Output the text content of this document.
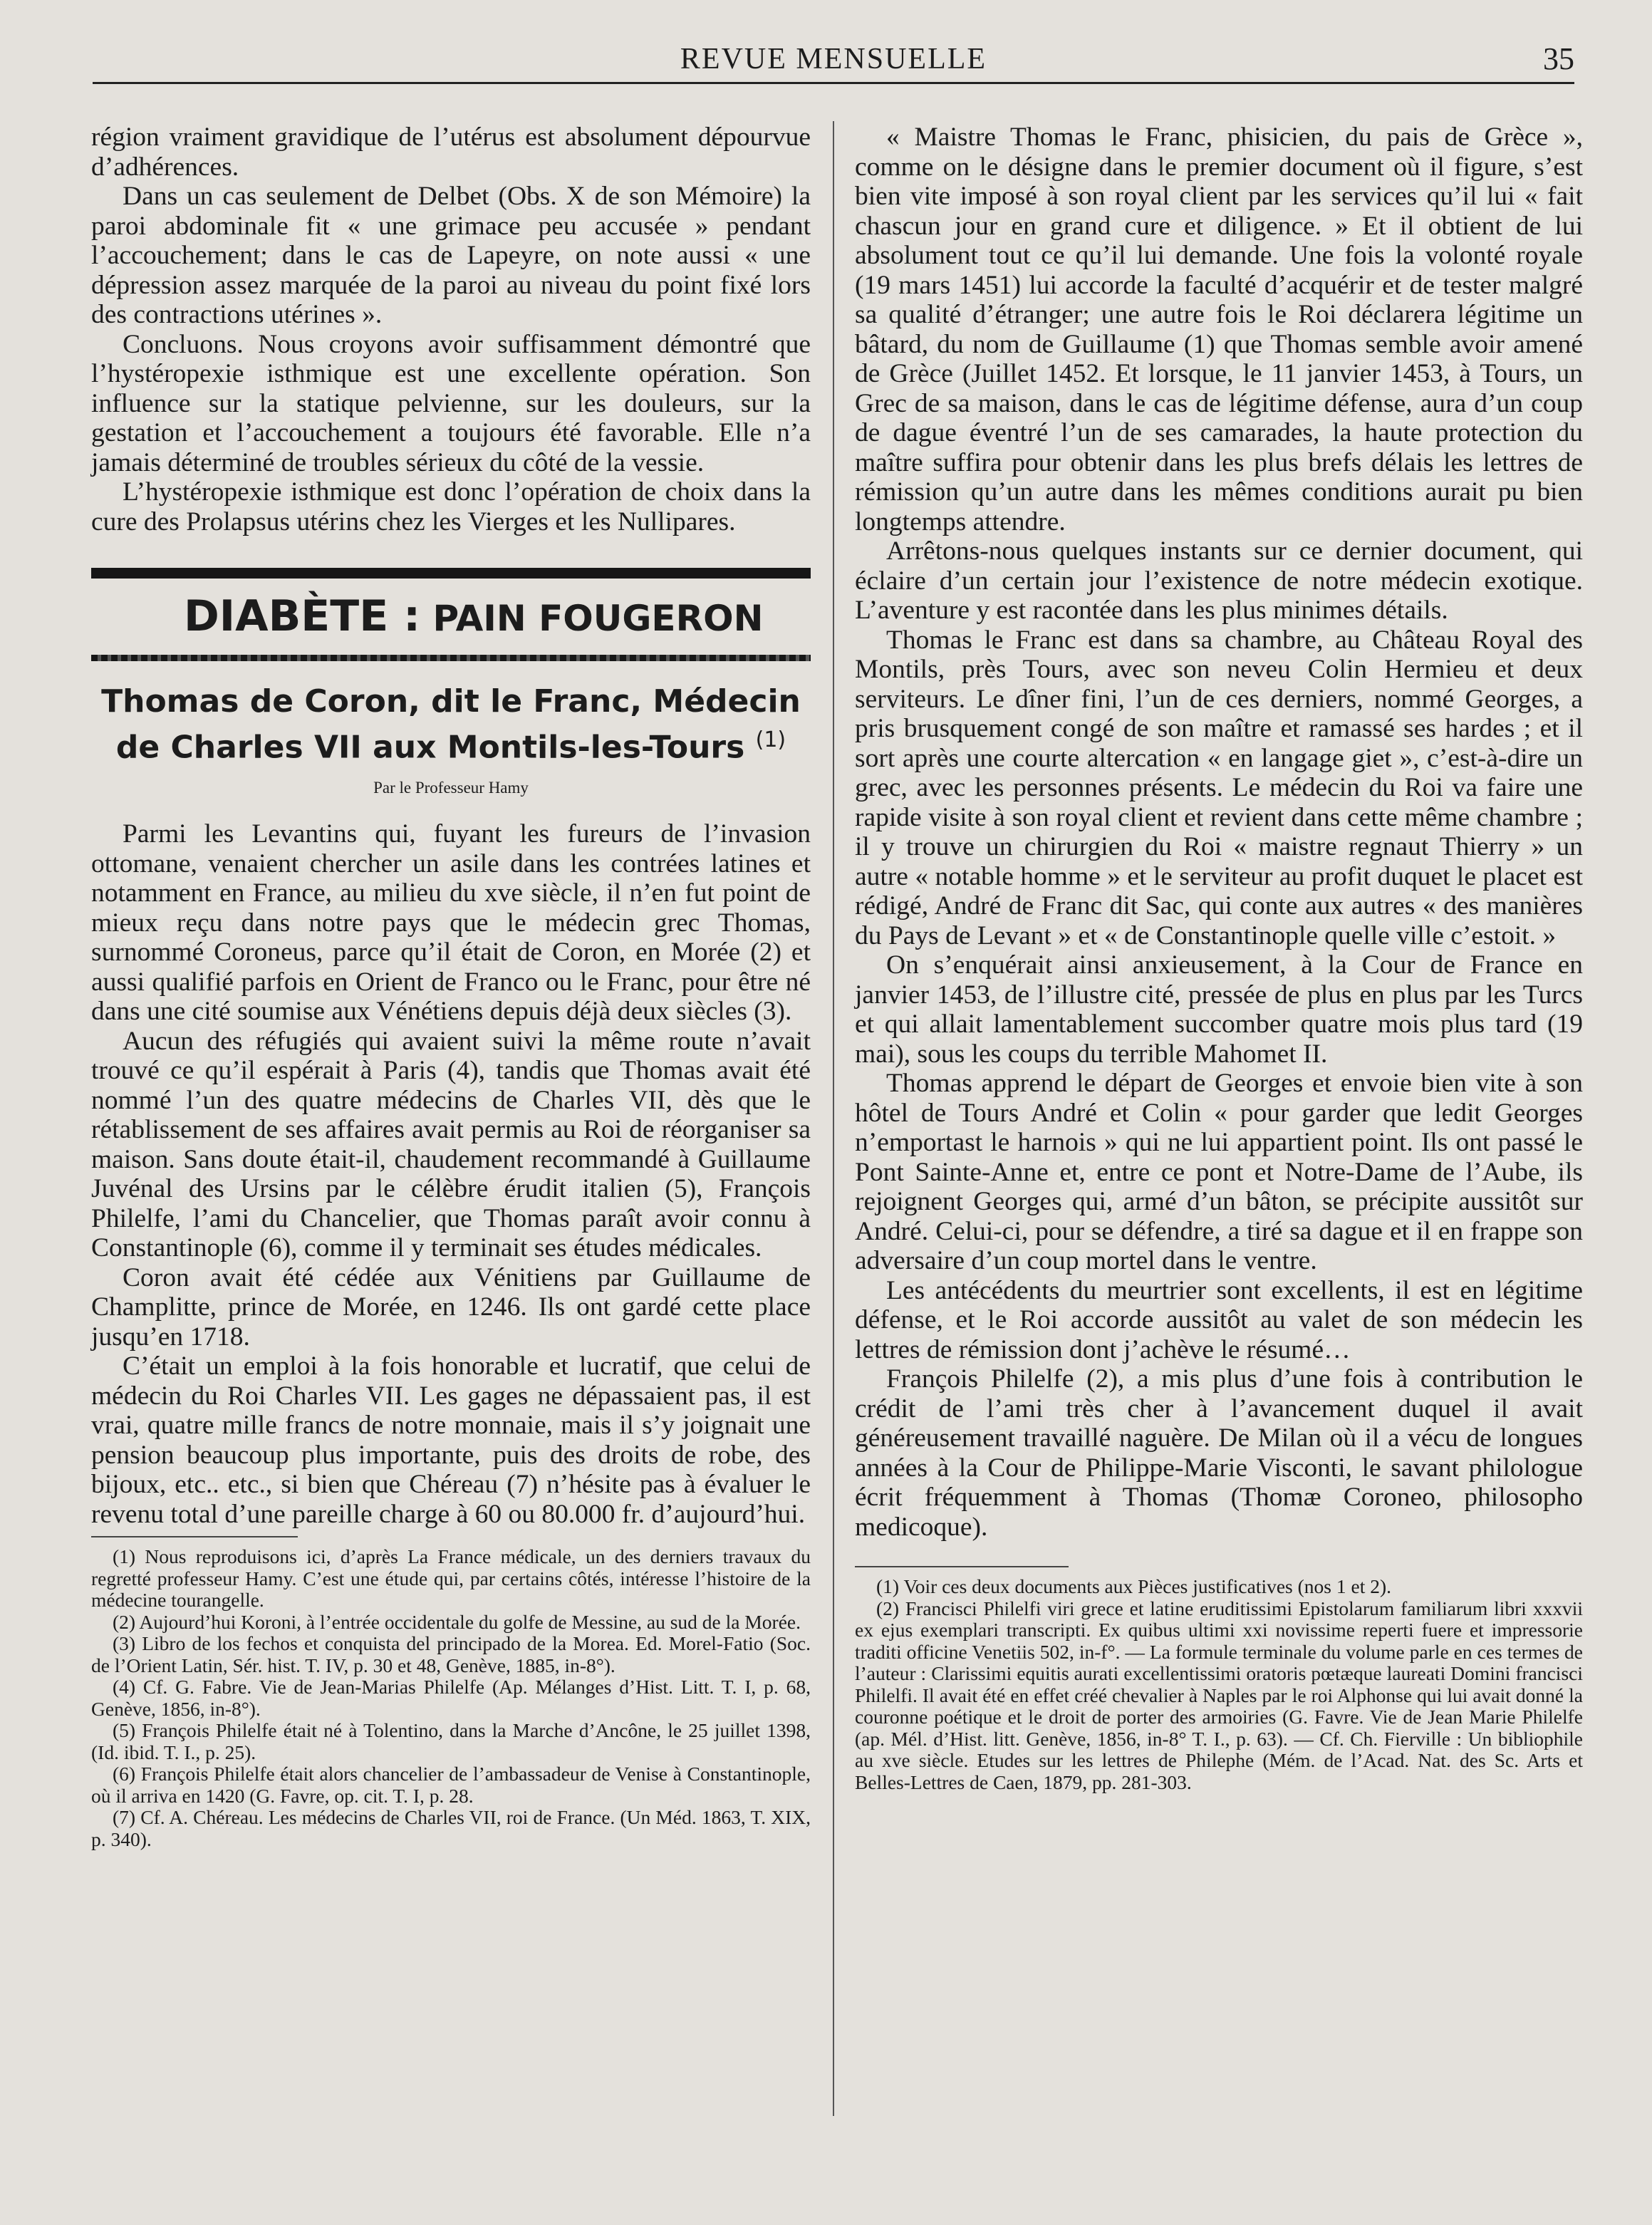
REVUE MENSUELLE	35

région vraiment gravidique de l’utérus est absolument dépourvue d’adhérences.

Dans un cas seulement de Delbet (Obs. X de son Mémoire) la paroi abdominale fit « une grimace peu accusée » pendant l’accouchement; dans le cas de Lapeyre, on note aussi « une dépression assez marquée de la paroi au niveau du point fixé lors des contractions utérines ».

Concluons. Nous croyons avoir suffisamment démontré que l’hystéropexie isthmique est une excellente opération. Son influence sur la statique pelvienne, sur les douleurs, sur la gestation et l’accouchement a toujours été favorable. Elle n’a jamais déterminé de troubles sérieux du côté de la vessie.

L’hystéropexie isthmique est donc l’opération de choix dans la cure des Prolapsus utérins chez les Vierges et les Nullipares.

DIABÈTE : PAIN FOUGERON
Thomas de Coron, dit le Franc, Médecin
de Charles VII aux Montils-les-Tours $^{(1)}$
Par le Professeur Hamy

Parmi les Levantins qui, fuyant les fureurs de l’invasion ottomane, venaient chercher un asile dans les contrées latines et notamment en France, au milieu du xve siècle, il n’en fut point de mieux reçu dans notre pays que le médecin grec Thomas, surnommé Coroneus, parce qu’il était de Coron, en Morée (2) et aussi qualifié parfois en Orient de Franco ou le Franc, pour être né dans une cité soumise aux Vénétiens depuis déjà deux siècles (3).

Aucun des réfugiés qui avaient suivi la même route n’avait trouvé ce qu’il espérait à Paris (4), tandis que Thomas avait été nommé l’un des quatre médecins de Charles VII, dès que le rétablissement de ses affaires avait permis au Roi de réorganiser sa maison. Sans doute était-il, chaudement recommandé à Guillaume Juvénal des Ursins par le célèbre érudit italien (5), François Philelfe, l’ami du Chancelier, que Thomas paraît avoir connu à Constantinople (6), comme il y terminait ses études médicales.

Coron avait été cédée aux Vénitiens par Guillaume de Champlitte, prince de Morée, en 1246. Ils ont gardé cette place jusqu’en 1718.

C’était un emploi à la fois honorable et lucratif, que celui de médecin du Roi Charles VII. Les gages ne dépassaient pas, il est vrai, quatre mille francs de notre monnaie, mais il s’y joignait une pension beaucoup plus importante, puis des droits de robe, des bijoux, etc.. etc., si bien que Chéreau (7) n’hésite pas à évaluer le revenu total d’une pareille charge à 60 ou 80.000 fr. d’aujourd’hui.

(1) Nous reproduisons ici, d’après La France médicale, un des derniers travaux du regretté professeur Hamy. C’est une étude qui, par certains côtés, intéresse l’histoire de la médecine tourangelle.

(2) Aujourd’hui Koroni, à l’entrée occidentale du golfe de Messine, au sud de la Morée.

(3) Libro de los fechos et conquista del principado de la Morea. Ed. Morel-Fatio (Soc. de l’Orient Latin, Sér. hist. T. IV, p. 30 et 48, Genève, 1885, in-8°).

(4) Cf. G. Fabre. Vie de Jean-Marias Philelfe (Ap. Mélanges d’Hist. Litt. T. I, p. 68, Genève, 1856, in-8°).

(5) François Philelfe était né à Tolentino, dans la Marche d’Ancône, le 25 juillet 1398, (Id. ibid. T. I., p. 25).

(6) François Philelfe était alors chancelier de l’ambassadeur de Venise à Constantinople, où il arriva en 1420 (G. Favre, op. cit. T. I, p. 28.

(7) Cf. A. Chéreau. Les médecins de Charles VII, roi de France. (Un Méd. 1863, T. XIX, p. 340).

« Maistre Thomas le Franc, phisicien, du pais de Grèce », comme on le désigne dans le premier document où il figure, s’est bien vite imposé à son royal client par les services qu’il lui « fait chascun jour en grand cure et diligence. » Et il obtient de lui absolument tout ce qu’il lui demande. Une fois la volonté royale (19 mars 1451) lui accorde la faculté d’acquérir et de tester malgré sa qualité d’étranger; une autre fois le Roi déclarera légitime un bâtard, du nom de Guillaume (1) que Thomas semble avoir amené de Grèce (Juillet 1452. Et lorsque, le 11 janvier 1453, à Tours, un Grec de sa maison, dans le cas de légitime défense, aura d’un coup de dague éventré l’un de ses camarades, la haute protection du maître suffira pour obtenir dans les plus brefs délais les lettres de rémission qu’un autre dans les mêmes conditions aurait pu bien longtemps attendre.

Arrêtons-nous quelques instants sur ce dernier document, qui éclaire d’un certain jour l’existence de notre médecin exotique. L’aventure y est racontée dans les plus minimes détails.

Thomas le Franc est dans sa chambre, au Château Royal des Montils, près Tours, avec son neveu Colin Hermieu et deux serviteurs. Le dîner fini, l’un de ces derniers, nommé Georges, a pris brusquement congé de son maître et ramassé ses hardes ; et il sort après une courte altercation « en langage giet », c’est-à-dire un grec, avec les personnes présents. Le médecin du Roi va faire une rapide visite à son royal client et revient dans cette même chambre ; il y trouve un chirurgien du Roi « maistre regnaut Thierry » un autre « notable homme » et le serviteur au profit duquet le placet est rédigé, André de Franc dit Sac, qui conte aux autres « des manières du Pays de Levant » et « de Constantinople quelle ville c’estoit. »

On s’enquérait ainsi anxieusement, à la Cour de France en janvier 1453, de l’illustre cité, pressée de plus en plus par les Turcs et qui allait lamentablement succomber quatre mois plus tard (19 mai), sous les coups du terrible Mahomet II.

Thomas apprend le départ de Georges et envoie bien vite à son hôtel de Tours André et Colin « pour garder que ledit Georges n’emportast le harnois » qui ne lui appartient point. Ils ont passé le Pont Sainte-Anne et, entre ce pont et Notre-Dame de l’Aube, ils rejoignent Georges qui, armé d’un bâton, se précipite aussitôt sur André. Celui-ci, pour se défendre, a tiré sa dague et il en frappe son adversaire d’un coup mortel dans le ventre.

Les antécédents du meurtrier sont excellents, il est en légitime défense, et le Roi accorde aussitôt au valet de son médecin les lettres de rémission dont j’achève le résumé…

François Philelfe (2), a mis plus d’une fois à contribution le crédit de l’ami très cher à l’avancement duquel il avait généreusement travaillé naguère. De Milan où il a vécu de longues années à la Cour de Philippe-Marie Visconti, le savant philologue écrit fréquemment à Thomas (Thomæ Coroneo, philosopho medicoque).

(1) Voir ces deux documents aux Pièces justificatives (nos 1 et 2).

(2) Francisci Philelfi viri grece et latine eruditissimi Epistolarum familiarum libri xxxvii ex ejus exemplari transcripti. Ex quibus ultimi xxi novissime reperti fuere et impressorie traditi officine Venetiis 502, in-f°. — La formule terminale du volume parle en ces termes de l’auteur : Clarissimi equitis aurati excellentissimi oratoris pœtæque laureati Domini francisci Philelfi. Il avait été en effet créé chevalier à Naples par le roi Alphonse qui lui avait donné la couronne poétique et le droit de porter des armoiries (G. Favre. Vie de Jean Marie Philelfe (ap. Mél. d’Hist. litt. Genève, 1856, in-8° T. I., p. 63). — Cf. Ch. Fierville : Un bibliophile au xve siècle. Etudes sur les lettres de Philephe (Mém. de l’Acad. Nat. des Sc. Arts et Belles-Lettres de Caen, 1879, pp. 281-303.
